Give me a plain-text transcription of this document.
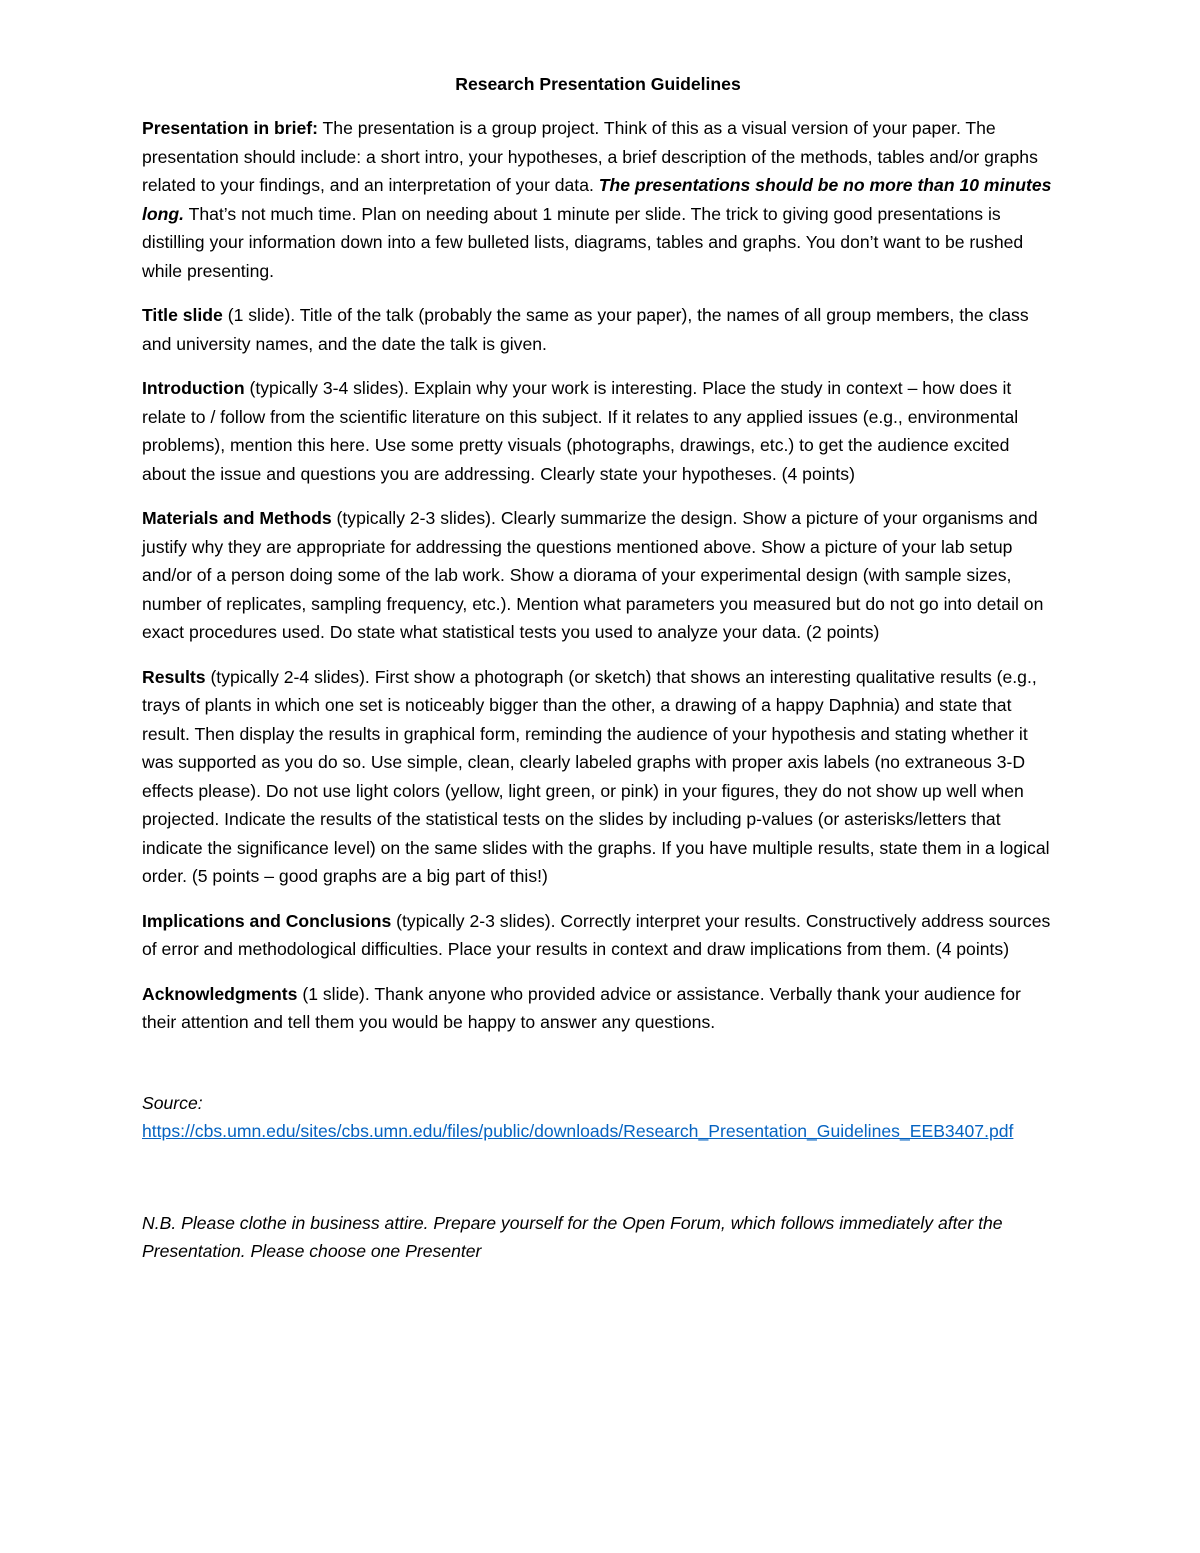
Research Presentation Guidelines

Presentation in brief: The presentation is a group project. Think of this as a visual version of your paper. The presentation should include: a short intro, your hypotheses, a brief description of the methods, tables and/or graphs related to your findings, and an interpretation of your data. The presentations should be no more than 10 minutes long. That’s not much time. Plan on needing about 1 minute per slide. The trick to giving good presentations is distilling your information down into a few bulleted lists, diagrams, tables and graphs. You don’t want to be rushed while presenting.

Title slide (1 slide). Title of the talk (probably the same as your paper), the names of all group members, the class and university names, and the date the talk is given.

Introduction (typically 3-4 slides). Explain why your work is interesting. Place the study in context – how does it relate to / follow from the scientific literature on this subject. If it relates to any applied issues (e.g., environmental problems), mention this here. Use some pretty visuals (photographs, drawings, etc.) to get the audience excited about the issue and questions you are addressing. Clearly state your hypotheses. (4 points)

Materials and Methods (typically 2-3 slides). Clearly summarize the design. Show a picture of your organisms and justify why they are appropriate for addressing the questions mentioned above. Show a picture of your lab setup and/or of a person doing some of the lab work. Show a diorama of your experimental design (with sample sizes, number of replicates, sampling frequency, etc.). Mention what parameters you measured but do not go into detail on exact procedures used. Do state what statistical tests you used to analyze your data. (2 points)

Results (typically 2-4 slides). First show a photograph (or sketch) that shows an interesting qualitative results (e.g., trays of plants in which one set is noticeably bigger than the other, a drawing of a happy Daphnia) and state that result. Then display the results in graphical form, reminding the audience of your hypothesis and stating whether it was supported as you do so. Use simple, clean, clearly labeled graphs with proper axis labels (no extraneous 3-D effects please). Do not use light colors (yellow, light green, or pink) in your figures, they do not show up well when projected. Indicate the results of the statistical tests on the slides by including p-values (or asterisks/letters that indicate the significance level) on the same slides with the graphs. If you have multiple results, state them in a logical order. (5 points – good graphs are a big part of this!)

Implications and Conclusions (typically 2-3 slides). Correctly interpret your results. Constructively address sources of error and methodological difficulties. Place your results in context and draw implications from them. (4 points)

Acknowledgments (1 slide). Thank anyone who provided advice or assistance. Verbally thank your audience for their attention and tell them you would be happy to answer any questions.

Source:
https://cbs.umn.edu/sites/cbs.umn.edu/files/public/downloads/Research_Presentation_Guidelines_EEB3407.pdf

N.B. Please clothe in business attire. Prepare yourself for the Open Forum, which follows immediately after the Presentation. Please choose one Presenter
